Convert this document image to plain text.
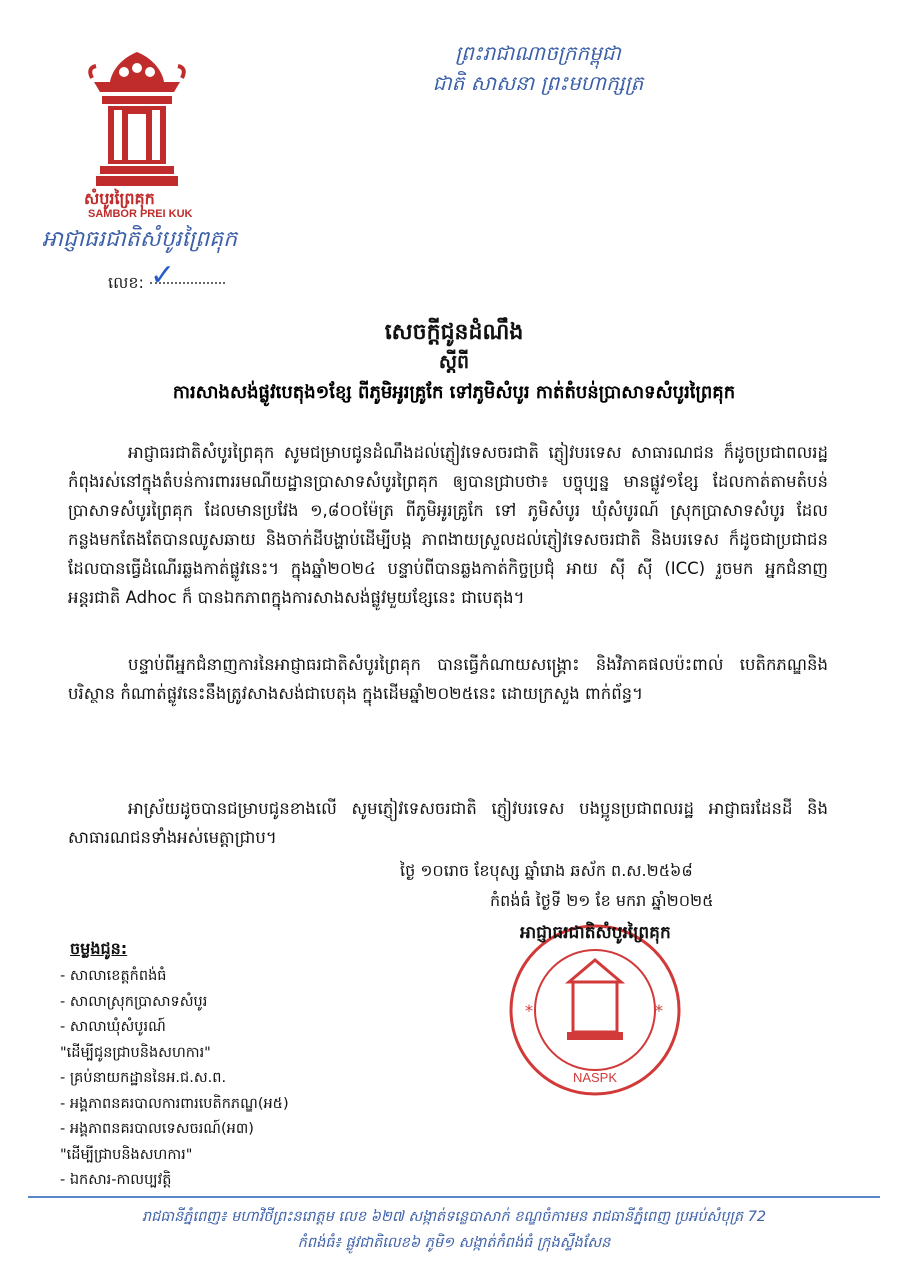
ព្រះរាជាណាចក្រកម្ពុជា
ជាតិ សាសនា ព្រះមហាក្សត្រ
សំបូរព្រៃគុក
SAMBOR PREI KUK
អាជ្ញាធរជាតិសំបូរព្រៃគុក
លេខ: ✓
សេចក្តីជូនដំណឹង
ស្តីពី
ការសាងសង់ផ្លូវបេតុង១ខ្សែ ពីភូមិអូរគ្រូកែ ទៅភូមិសំបូរ កាត់តំបន់ប្រាសាទសំបូរព្រៃគុក
អាជ្ញាធរជាតិសំបូរព្រៃគុក សូមជម្រាបជូនដំណឹងដល់ភ្ញៀវទេសចរជាតិ ភ្ញៀវបរទេស សាធារណជន ក៏ដូចប្រជាពលរដ្ឋកំពុងរស់នៅក្នុងតំបន់ការពាររមណីយដ្ឋានប្រាសាទសំបូរព្រៃគុក ឲ្យបានជ្រាបថា៖ បច្ចុប្បន្ន មានផ្លូវ១ខ្សែ ដែលកាត់តាមតំបន់ប្រាសាទសំបូរព្រៃគុក ដែលមានប្រវែង ១,៨០០ម៉ែត្រ ពីភូមិអូរគ្រូកែ ទៅ ភូមិសំបូរ ឃុំសំបូរណ៍ ស្រុកប្រាសាទសំបូរ ដែលកន្លងមកតែងតែបានឈូសឆាយ និងចាក់ដីបង្ហាប់ដើម្បីបង្ក ភាពងាយស្រួលដល់ភ្ញៀវទេសចរជាតិ និងបរទេស ក៏ដូចជាប្រជាជនដែលបានធ្វើដំណើរឆ្លងកាត់ផ្លូវនេះ។ ក្នុងឆ្នាំ២០២៤ បន្ទាប់ពីបានឆ្លងកាត់កិច្ចប្រជុំ អាយ ស៊ី ស៊ី (ICC) រួចមក អ្នកជំនាញអន្តរជាតិ Adhoc ក៏ បានឯកភាពក្នុងការសាងសង់ផ្លូវមួយខ្សែនេះ ជាបេតុង។
បន្ទាប់ពីអ្នកជំនាញការនៃអាជ្ញាធរជាតិសំបូរព្រៃគុក បានធ្វើកំណាយសង្គ្រោះ និងវិភាគផលប៉ះពាល់ បេតិកភណ្ឌនិងបរិស្ថាន កំណាត់ផ្លូវនេះនឹងត្រូវសាងសង់ជាបេតុង ក្នុងដើមឆ្នាំ២០២៥នេះ ដោយក្រសួង ពាក់ព័ន្ធ។
អាស្រ័យដូចបានជម្រាបជូនខាងលើ សូមភ្ញៀវទេសចរជាតិ ភ្ញៀវបរទេស បងប្អូនប្រជាពលរដ្ឋ អាជ្ញាធរដែនដី និងសាធារណជនទាំងអស់មេត្តាជ្រាប។
ថ្ងៃ ១០រោច ខែបុស្ស ឆ្នាំរោង ឆស័ក ព.ស.២៥៦៨
កំពង់ធំ ថ្ងៃទី ២១ ខែ មករា ឆ្នាំ២០២៥
NASPK
*	*
អាជ្ញាធរជាតិសំបូរព្រៃគុក
ចម្លងជូន:
- សាលាខេត្តកំពង់ធំ
- សាលាស្រុកប្រាសាទសំបូរ
- សាលាឃុំសំបូរណ៍
"ដើម្បីជូនជ្រាបនិងសហការ"
- គ្រប់នាយកដ្ឋាននៃអ.ជ.ស.ព.
- អង្គភាពនគរបាលការពារបេតិកភណ្ឌ(អ៥)
- អង្គភាពនគរបាលទេសចរណ៍(អ៣)
"ដើម្បីជ្រាបនិងសហការ"
- ឯកសារ-កាលប្បវត្តិ
រាជធានីភ្នំពេញ៖ មហាវិថីព្រះនរោត្តម លេខ ៦២៧ សង្កាត់ទន្លេបាសាក់ ខណ្ឌចំការមន រាជធានីភ្នំពេញ ប្រអប់សំបុត្រ 72
កំពង់ធំ៖ ផ្លូវជាតិលេខ៦ ភូមិ១ សង្កាត់កំពង់ធំ ក្រុងស្ទឹងសែន
